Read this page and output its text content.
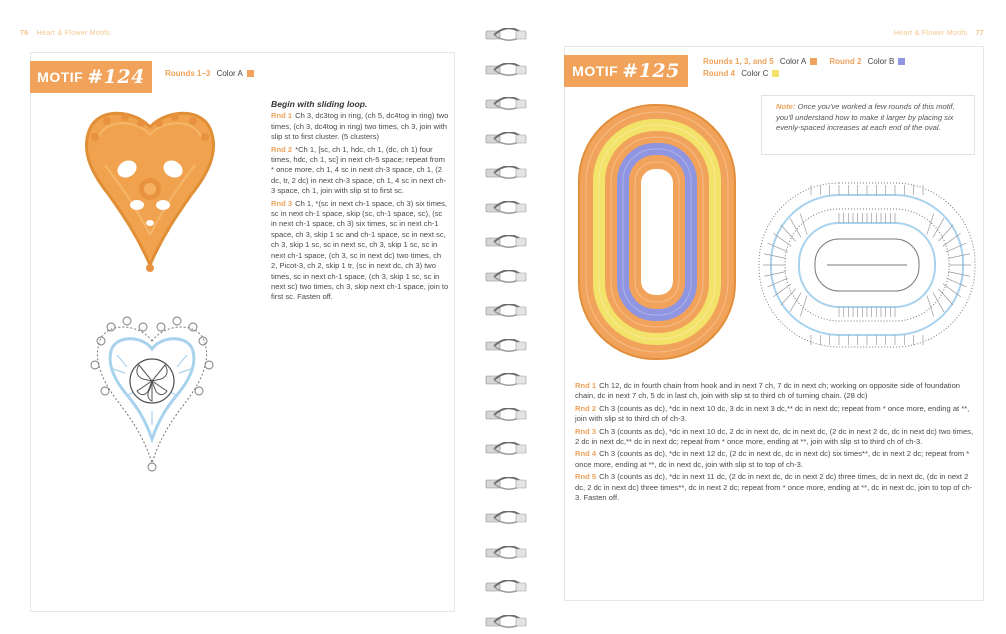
76 Heart & Flower Motifs
MOTIF #124	Rounds 1–3 Color A

Begin with sliding loop.

Rnd 1 Ch 3, dc3tog in ring, (ch 5, dc4tog in ring) two times, (ch 3, dc4tog in ring) two times, ch 3, join with slip st to first cluster. (5 clusters)

Rnd 2 *Ch 1, [sc, ch 1, hdc, ch 1, (dc, ch 1) four times, hdc, ch 1, sc] in next ch-5 space; repeat from * once more, ch 1, 4 sc in next ch-3 space, ch 1, (2 dc, tr, 2 dc) in next ch-3 space, ch 1, 4 sc in next ch-3 space, ch 1, join with slip st to first sc.

Rnd 3 Ch 1, *(sc in next ch-1 space, ch 3) six times, sc in next ch-1 space, skip (sc, ch-1 space, sc), (sc in next ch-1 space, ch 3) six times, sc in next ch-1 space, ch 3, skip 1 sc and ch-1 space, sc in next sc, ch 3, skip 1 sc, sc in next sc, ch 3, skip 1 sc, sc in next ch-1 space, (ch 3, sc in next dc) two times, ch 2, Picot-3, ch 2, skip 1 tr, (sc in next dc, ch 3) two times, sc in next ch-1 space, (ch 3, skip 1 sc, sc in next sc) two times, ch 3, skip next ch-1 space, join to first sc. Fasten off.

Heart & Flower Motifs 77
MOTIF #125	Rounds 1, 3, and 5 Color A	Round 2 Color B
Round 4 Color C
Note: Once you've worked a few rounds of this motif, you'll understand how to make it larger by placing six evenly-spaced increases at each end of the oval.

Rnd 1 Ch 12, dc in fourth chain from hook and in next 7 ch, 7 dc in next ch; working on opposite side of foundation chain, dc in next 7 ch, 5 dc in last ch, join with slip st to third ch of turning chain. (28 dc)

Rnd 2 Ch 3 (counts as dc), *dc in next 10 dc, 3 dc in next 3 dc,** dc in next dc; repeat from * once more, ending at **, join with slip st to third ch of ch-3.

Rnd 3 Ch 3 (counts as dc), *dc in next 10 dc, 2 dc in next dc, dc in next dc, (2 dc in next 2 dc, dc in next dc) two times, 2 dc in next dc,** dc in next dc; repeat from * once more, ending at **, join with slip st to third ch of ch-3.

Rnd 4 Ch 3 (counts as dc), *dc in next 12 dc, (2 dc in next dc, dc in next dc) six times**, dc in next 2 dc; repeat from * once more, ending at **, dc in next dc, join with slip st to top of ch-3.

Rnd 5 Ch 3 (counts as dc), *dc in next 11 dc, (2 dc in next dc, dc in next 2 dc) three times, dc in next dc, (dc in next 2 dc, 2 dc in next dc) three times**, dc in next 2 dc; repeat from * once more, ending at **, dc in next dc, join to top of ch-3. Fasten off.
